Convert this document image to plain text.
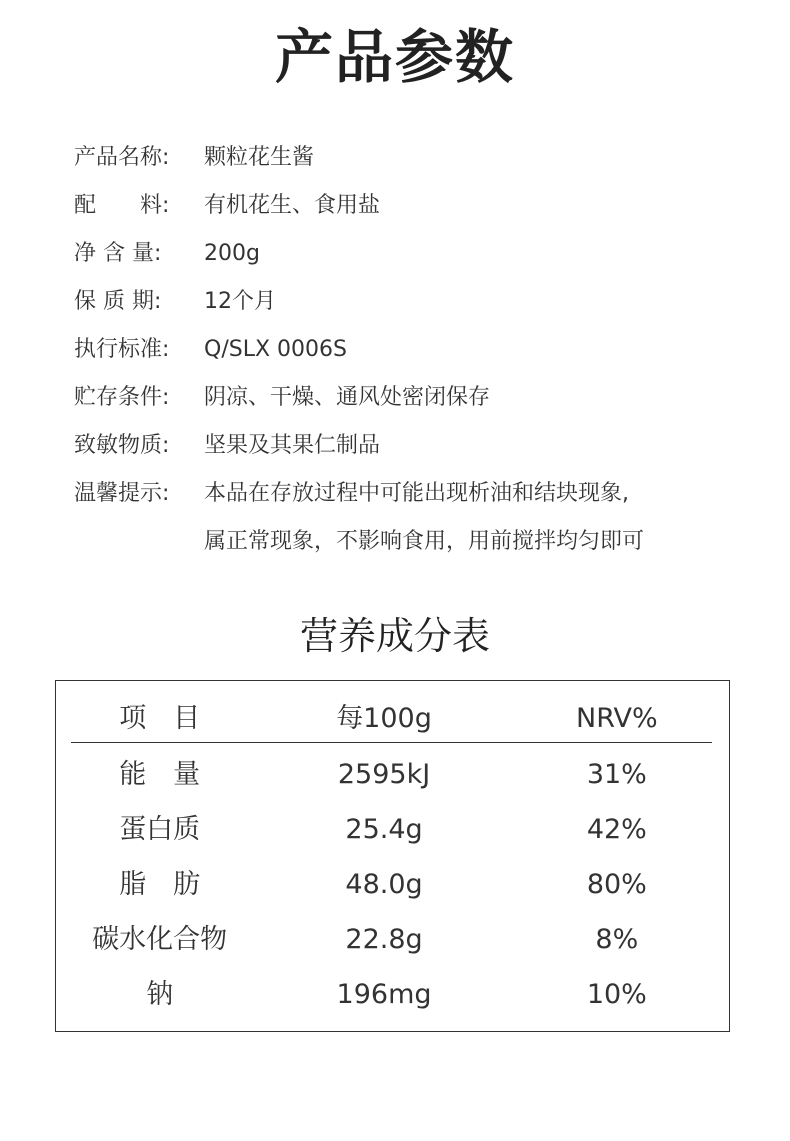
产品参数
产品名称:	颗粒花生酱
配　　料:	有机花生、食用盐
净 含 量:	200g
保 质 期:	12个月
执行标准:	Q/SLX 0006S
贮存条件:	阴凉、干燥、通风处密闭保存
致敏物质:	坚果及其果仁制品
温馨提示:	本品在存放过程中可能出现析油和结块现象,
属正常现象，不影响食用，用前搅拌均匀即可
营养成分表
项　目	每100g	NRV%
能　量	2595kJ	31%
蛋白质	25.4g	42%
脂　肪	48.0g	80%
碳水化合物	22.8g	8%
钠	196mg	10%
